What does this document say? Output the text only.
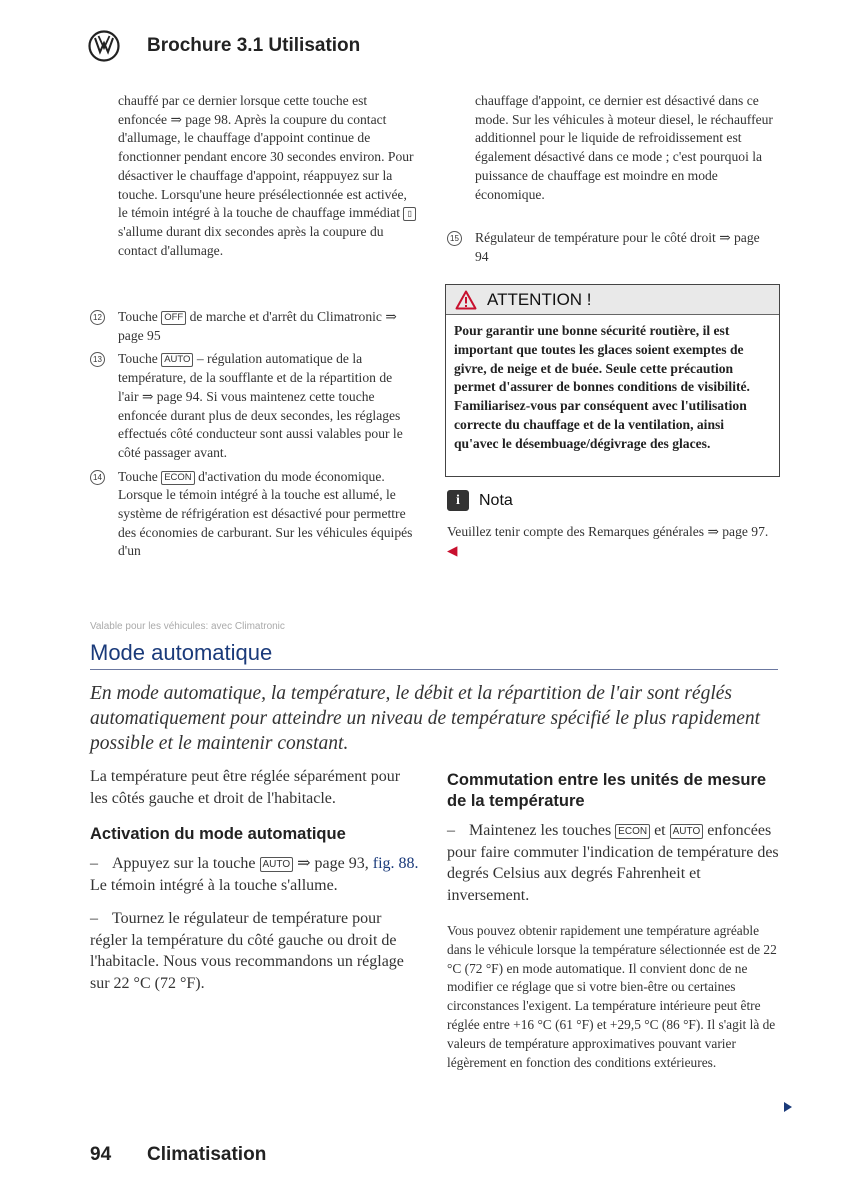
Brochure 3.1 Utilisation

chauffé par ce dernier lorsque cette touche est enfoncée ⇒ page 98. Après la coupure du contact d'allumage, le chauffage d'appoint continue de fonctionner pendant encore 30 secondes environ. Pour désactiver le chauffage d'appoint, réappuyez sur la touche. Lorsqu'une heure présélectionnée est activée, le témoin intégré à la touche de chauffage immédiat ▯ s'allume durant dix secondes après la coupure du contact d'allumage.

12 Touche OFF de marche et d'arrêt du Climatronic ⇒ page 95
13 Touche AUTO – régulation automatique de la température, de la soufflante et de la répartition de l'air ⇒ page 94. Si vous maintenez cette touche enfoncée durant plus de deux secondes, les réglages effectués côté conducteur sont aussi valables pour le côté passager avant.
14 Touche ECON d'activation du mode économique. Lorsque le témoin intégré à la touche est allumé, le système de réfrigération est désactivé pour permettre des économies de carburant. Sur les véhicules équipés d'un

chauffage d'appoint, ce dernier est désactivé dans ce mode. Sur les véhicules à moteur diesel, le réchauffeur additionnel pour le liquide de refroidissement est également désactivé dans ce mode ; c'est pourquoi la puissance de chauffage est moindre en mode économique.

15 Régulateur de température pour le côté droit ⇒ page 94
ATTENTION !
Pour garantir une bonne sécurité routière, il est important que toutes les glaces soient exemptes de givre, de neige et de buée. Seule cette précaution permet d'assurer de bonnes conditions de visibilité. Familiarisez-vous par conséquent avec l'utilisation correcte du chauffage et de la ventilation, ainsi qu'avec le désembuage/dégivrage des glaces.
i	Nota
Veuillez tenir compte des Remarques générales ⇒ page 97. ◀
Valable pour les véhicules: avec Climatronic
Mode automatique
En mode automatique, la température, le débit et la répartition de l'air sont réglés automatiquement pour atteindre un niveau de température spécifié le plus rapidement possible et le maintenir constant.
La température peut être réglée séparément pour les côtés gauche et droit de l'habitacle.
Activation du mode automatique
– Appuyez sur la touche AUTO ⇒ page 93, fig. 88. Le témoin intégré à la touche s'allume.
– Tournez le régulateur de température pour régler la température du côté gauche ou droit de l'habitacle. Nous vous recommandons un réglage sur 22 °C (72 °F).
Commutation entre les unités de mesure de la température
– Maintenez les touches ECON et AUTO enfoncées pour faire commuter l'indication de température des degrés Celsius aux degrés Fahrenheit et inversement.
Vous pouvez obtenir rapidement une température agréable dans le véhicule lorsque la température sélectionnée est de 22 °C (72 °F) en mode automatique. Il convient donc de ne modifier ce réglage que si votre bien-être ou certaines circonstances l'exigent. La température intérieure peut être réglée entre +16 °C (61 °F) et +29,5 °C (86 °F). Il s'agit là de valeurs de température approximatives pouvant varier légèrement en fonction des conditions extérieures.
94 Climatisation
